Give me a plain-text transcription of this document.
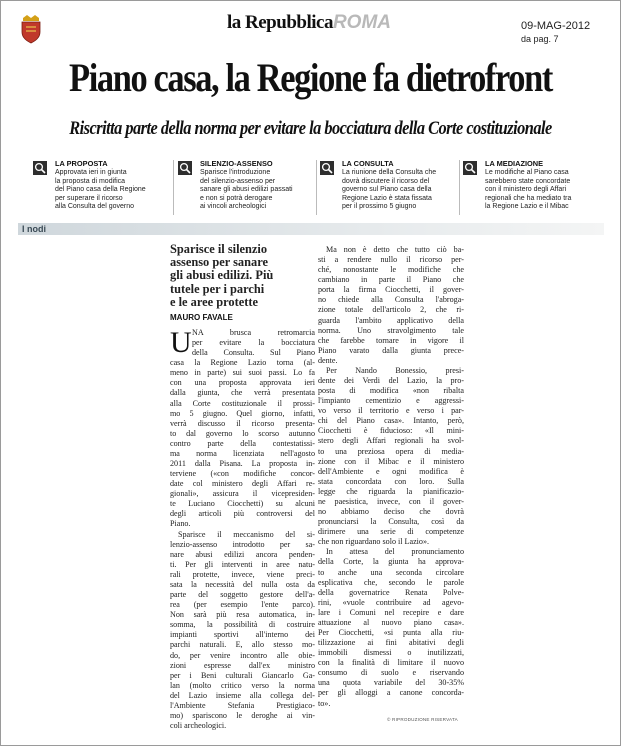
la RepubblicaROMA	09-MAG-2012
da pag. 7
Piano casa, la Regione fa dietrofront
Riscritta parte della norma per evitare la bocciatura della Corte costituzionale
LA PROPOSTA
Approvata ieri in giunta
la proposta di modifica
del Piano casa della Regione
per superare il ricorso
alla Consulta del governo
SILENZIO-ASSENSO
Sparisce l'introduzione
del silenzio-assenso per
sanare gli abusi edilizi passati
e non si potrà derogare
ai vincoli archeologici
LA CONSULTA
La riunione della Consulta che
dovrà discutere il ricorso del
governo sul Piano casa della
Regione Lazio è stata fissata
per il prossimo 5 giugno
LA MEDIAZIONE
Le modifiche al Piano casa
sarebbero state concordate
con il ministero degli Affari
regionali che ha mediato tra
la Regione Lazio e il Mibac
I nodi
Sparisce il silenzio
assenso per sanare
gli abusi edilizi. Più
tutele per i parchi
e le aree protette
MAURO FAVALE
U NA brusca retromarcia
per evitare la bocciatura
della Consulta. Sul Piano
casa la Regione Lazio torna (al-
meno in parte) sui suoi passi. Lo fa
con una proposta approvata ieri
dalla giunta, che verrà presentata
alla Corte costituzionale il prossi-
mo 5 giugno. Quel giorno, infatti,
verrà discusso il ricorso presenta-
to dal governo lo scorso autunno
contro parte della contestatissi-
ma norma licenziata nell'agosto
2011 dalla Pisana. La proposta in-
terviene («con modifiche concor-
date col ministero degli Affari re-
gionali», assicura il vicepresiden-
te Luciano Ciocchetti) su alcuni
degli articoli più controversi del
Piano.
Sparisce il meccanismo del si-
lenzio-assenso introdotto per sa-
nare abusi edilizi ancora penden-
ti. Per gli interventi in aree natu-
rali protette, invece, viene preci-
sata la necessità del nulla osta da
parte del soggetto gestore dell'a-
rea (per esempio l'ente parco).
Non sarà più resa automatica, in-
somma, la possibilità di costruire
impianti sportivi all'interno dei
parchi naturali. E, allo stesso mo-
do, per venire incontro alle obie-
zioni espresse dall'ex ministro
per i Beni culturali Giancarlo Ga-
lan (molto critico verso la norma
del Lazio insieme alla collega del-
l'Ambiente Stefania Prestigiaco-
mo) spariscono le deroghe ai vin-
coli archeologici.
Ma non è detto che tutto ciò ba-
sti a rendere nullo il ricorso per-
ché, nonostante le modifiche che
cambiano in parte il Piano che
porta la firma Ciocchetti, il gover-
no chiede alla Consulta l'abroga-
zione totale dell'articolo 2, che ri-
guarda l'ambito applicativo della
norma. Uno stravolgimento tale
che farebbe tornare in vigore il
Piano varato dalla giunta prece-
dente.
Per Nando Bonessio, presi-
dente dei Verdi del Lazio, la pro-
posta di modifica «non ribalta
l'impianto cementizio e aggressi-
vo verso il territorio e verso i par-
chi del Piano casa». Intanto, però,
Ciocchetti è fiducioso: «Il mini-
stero degli Affari regionali ha svol-
to una preziosa opera di media-
zione con il Mibac e il ministero
dell'Ambiente e ogni modifica è
stata concordata con loro. Sulla
legge che riguarda la pianificazio-
ne paesistica, invece, con il gover-
no abbiamo deciso che dovrà
pronunciarsi la Consulta, così da
dirimere una serie di competenze
che non riguardano solo il Lazio».
In attesa del pronunciamento
della Corte, la giunta ha approva-
to anche una seconda circolare
esplicativa che, secondo le parole
della governatrice Renata Polve-
rini, «vuole contribuire ad agevo-
lare i Comuni nel recepire e dare
attuazione al nuovo piano casa».
Per Ciocchetti, «si punta alla riu-
tilizzazione ai fini abitativi degli
immobili dismessi o inutilizzati,
con la finalità di limitare il nuovo
consumo di suolo e riservando
una quota variabile del 30-35%
per gli alloggi a canone concorda-
to».
© RIPRODUZIONE RISERVATA
